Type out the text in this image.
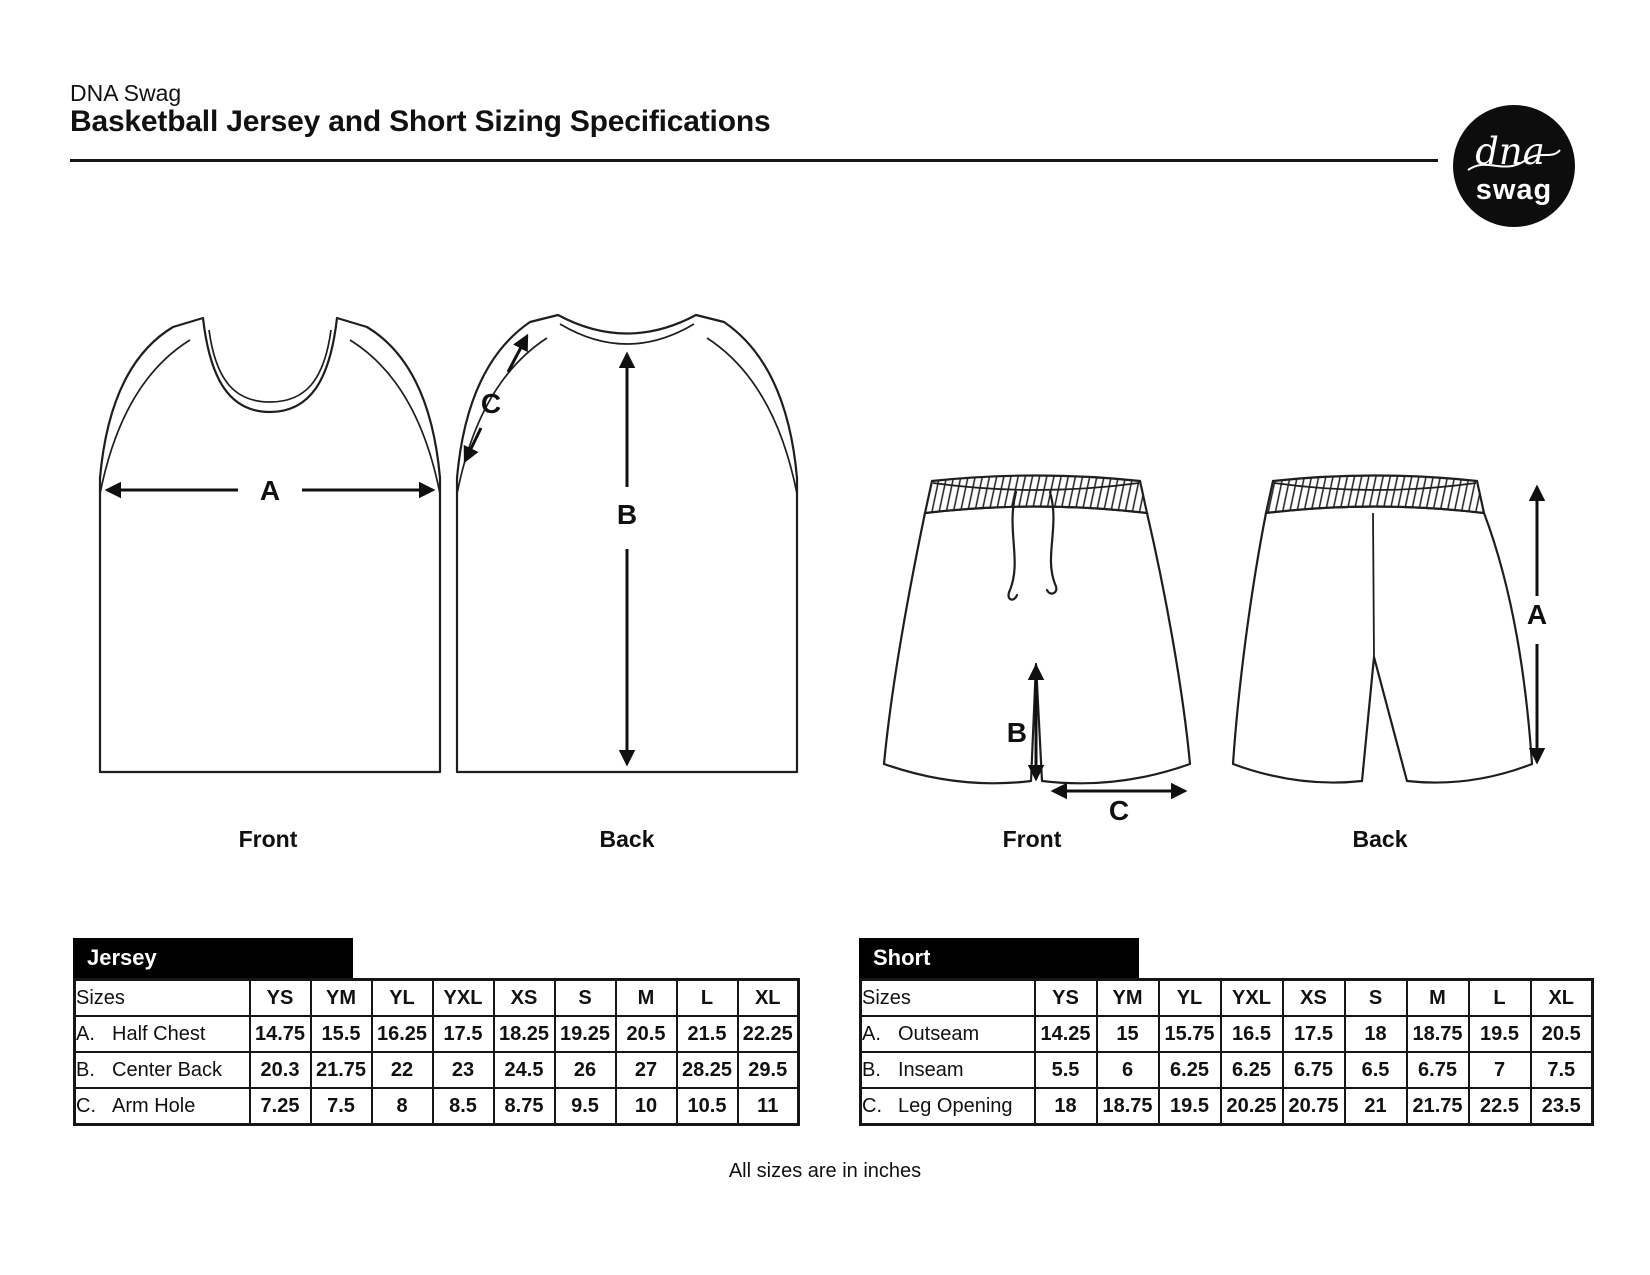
DNA Swag
Basketball Jersey and Short Sizing Specifications
dna
swag
A
Front
B
C
Back
B
C
Front
A
Back
Jersey
Sizes	YS	YM	YL	YXL	XS	S	M	L	XL
A. Half Chest	14.75	15.5	16.25	17.5	18.25	19.25	20.5	21.5	22.25
B. Center Back	20.3	21.75	22	23	24.5	26	27	28.25	29.5
C. Arm Hole	7.25	7.5	8	8.5	8.75	9.5	10	10.5	11
Short
Sizes	YS	YM	YL	YXL	XS	S	M	L	XL
A. Outseam	14.25	15	15.75	16.5	17.5	18	18.75	19.5	20.5
B. Inseam	5.5	6	6.25	6.25	6.75	6.5	6.75	7	7.5
C. Leg Opening	18	18.75	19.5	20.25	20.75	21	21.75	22.5	23.5
All sizes are in inches
